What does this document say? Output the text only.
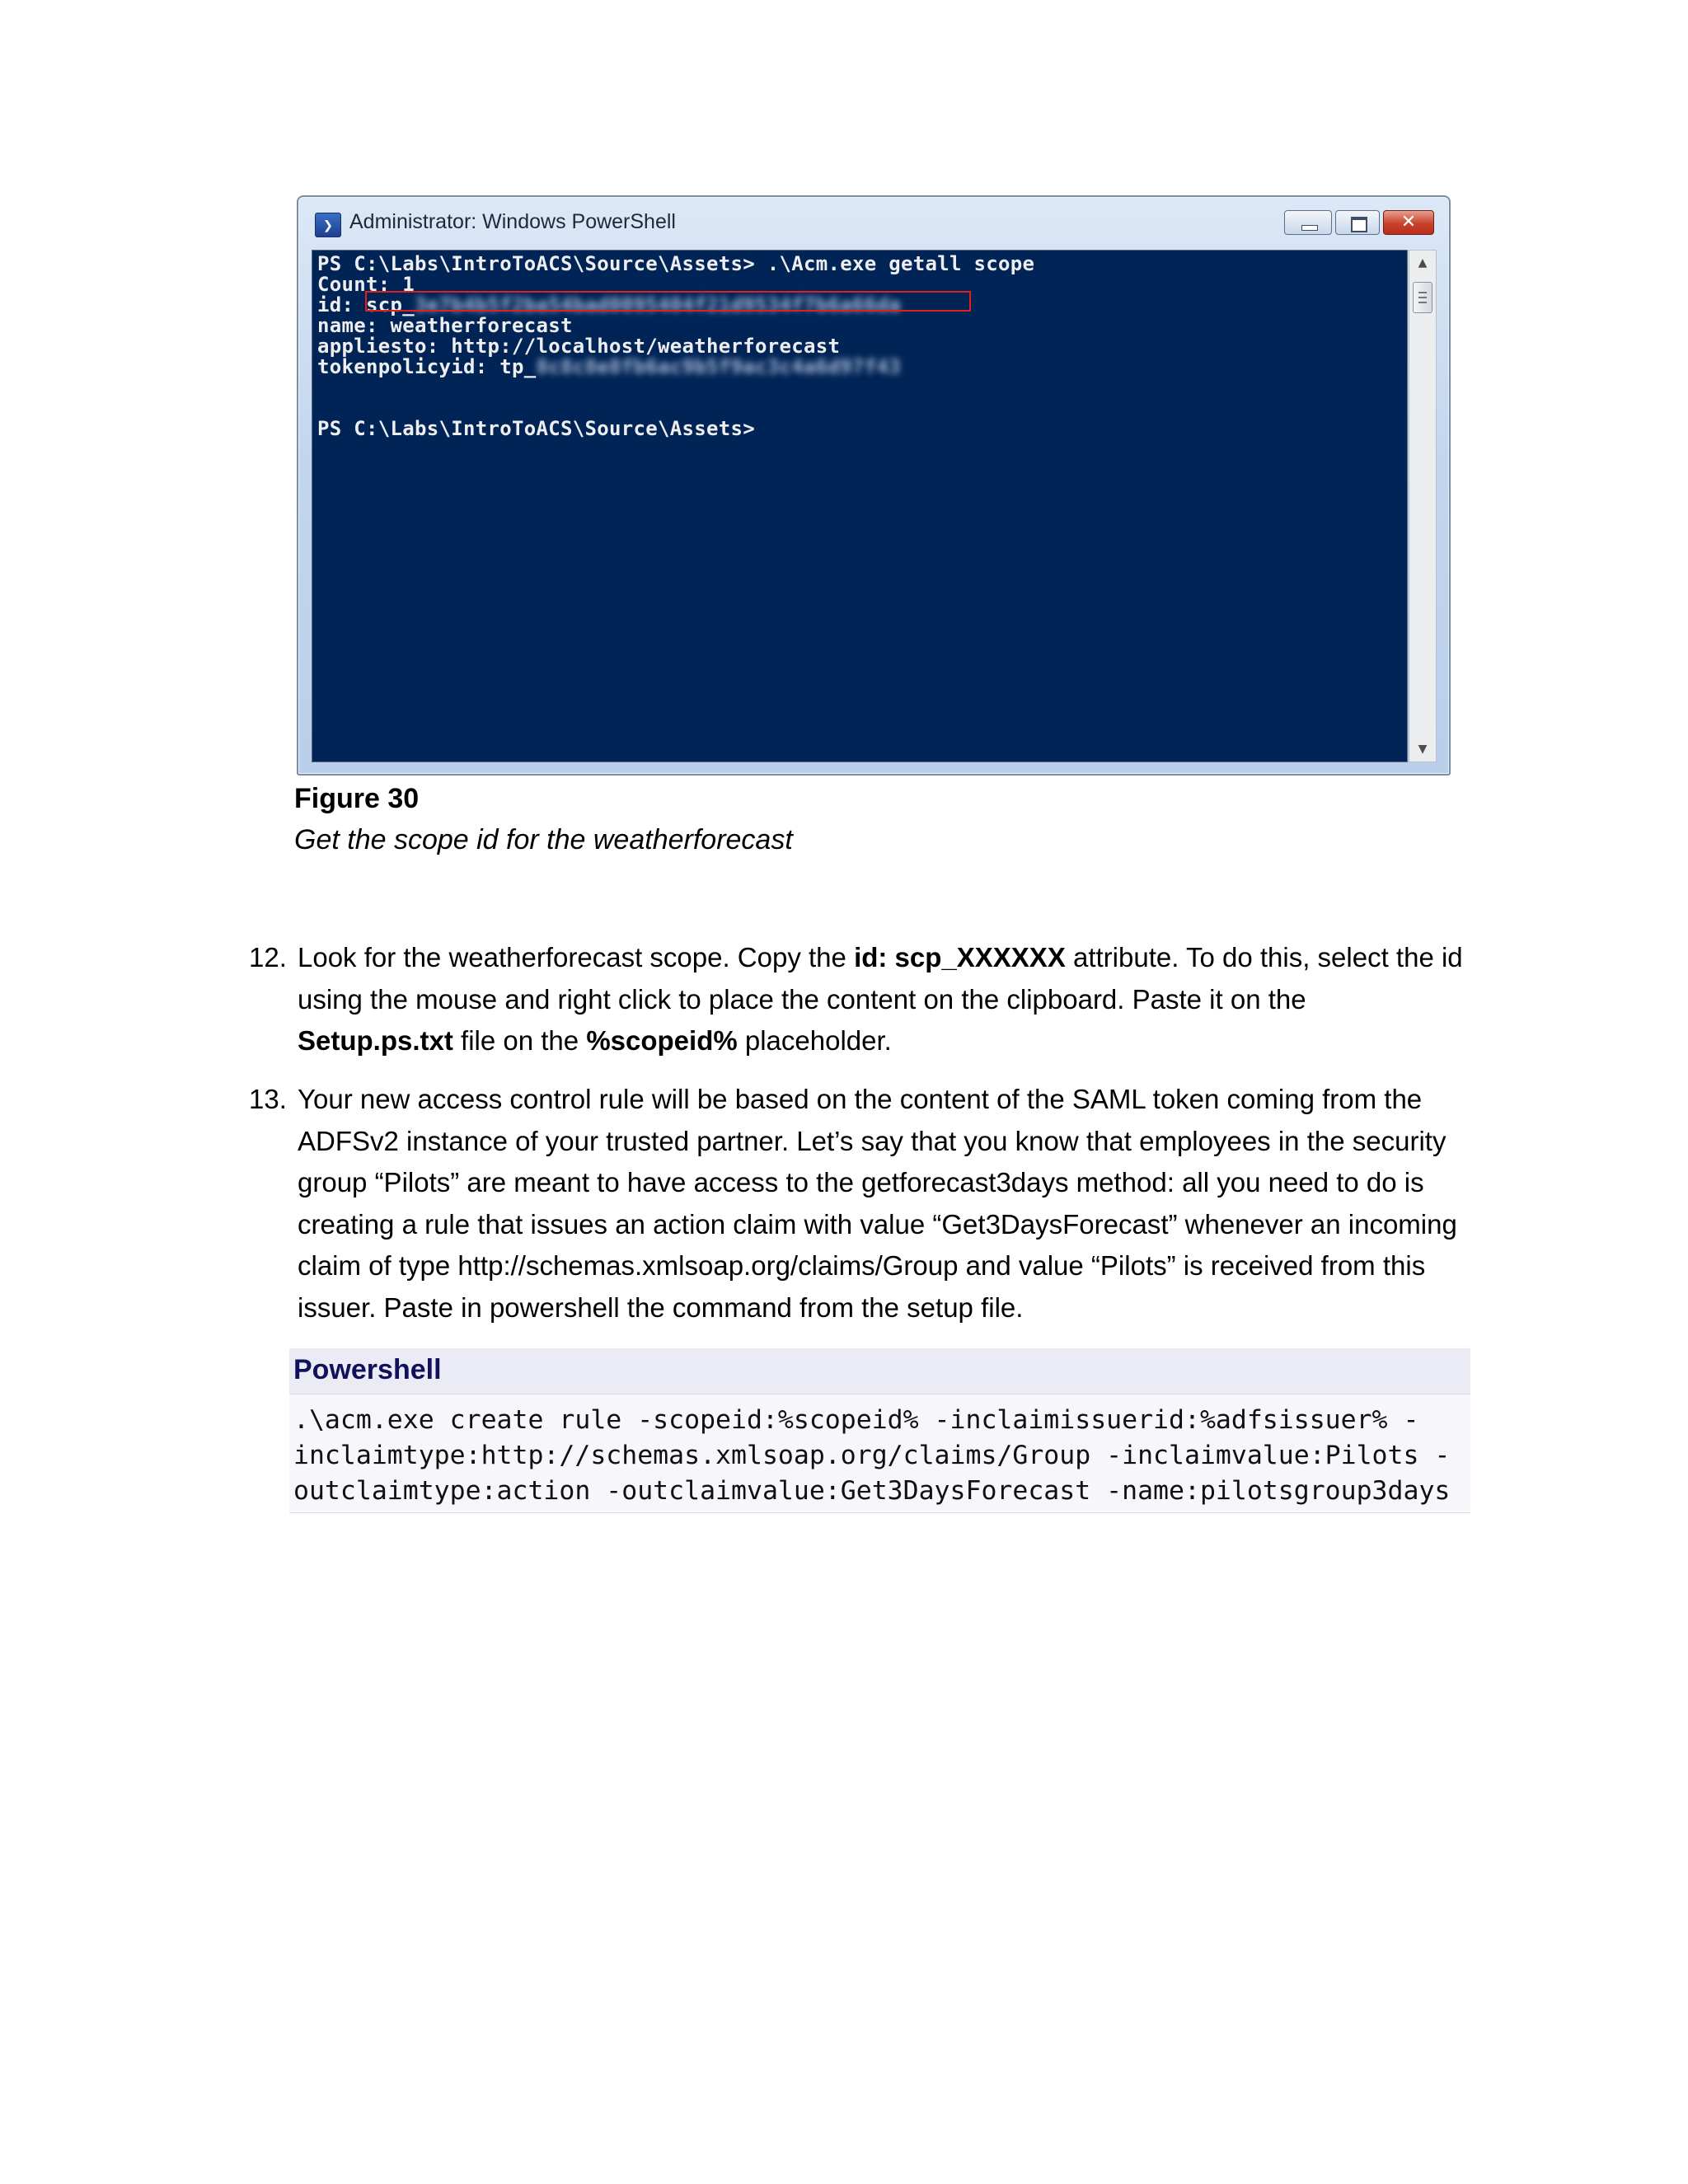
❯ Administrator: Windows PowerShell	✕
PS C:\Labs\IntroToACS\Source\Assets> .\Acm.exe getall scope
Count: 1
id: scp_3e7b4b5f2ba54bad0095404f21d9534f7b6a66da
name: weatherforecast
appliesto: http://localhost/weatherforecast
tokenpolicyid: tp_8c8c8e8fb6ac9b5f9ac3c4a6d97f43
PS C:\Labs\IntroToACS\Source\Assets>
▲
▼
Figure 30
Get the scope id for the weatherforecast
12. Look for the weatherforecast scope. Copy the id: scp_XXXXXX attribute. To do this, select the id
using the mouse and right click to place the content on the clipboard. Paste it on the
Setup.ps.txt file on the %scopeid% placeholder.
13. Your new access control rule will be based on the content of the SAML token coming from the
ADFSv2 instance of your trusted partner. Let’s say that you know that employees in the security
group “Pilots” are meant to have access to the getforecast3days method: all you need to do is
creating a rule that issues an action claim with value “Get3DaysForecast” whenever an incoming
claim of type http://schemas.xmlsoap.org/claims/Group and value “Pilots” is received from this
issuer. Paste in powershell the command from the setup file.
Powershell
.\acm.exe create rule -scopeid:%scopeid% -inclaimissuerid:%adfsissuer% -
inclaimtype:http://schemas.xmlsoap.org/claims/Group -inclaimvalue:Pilots -
outclaimtype:action -outclaimvalue:Get3DaysForecast -name:pilotsgroup3days
